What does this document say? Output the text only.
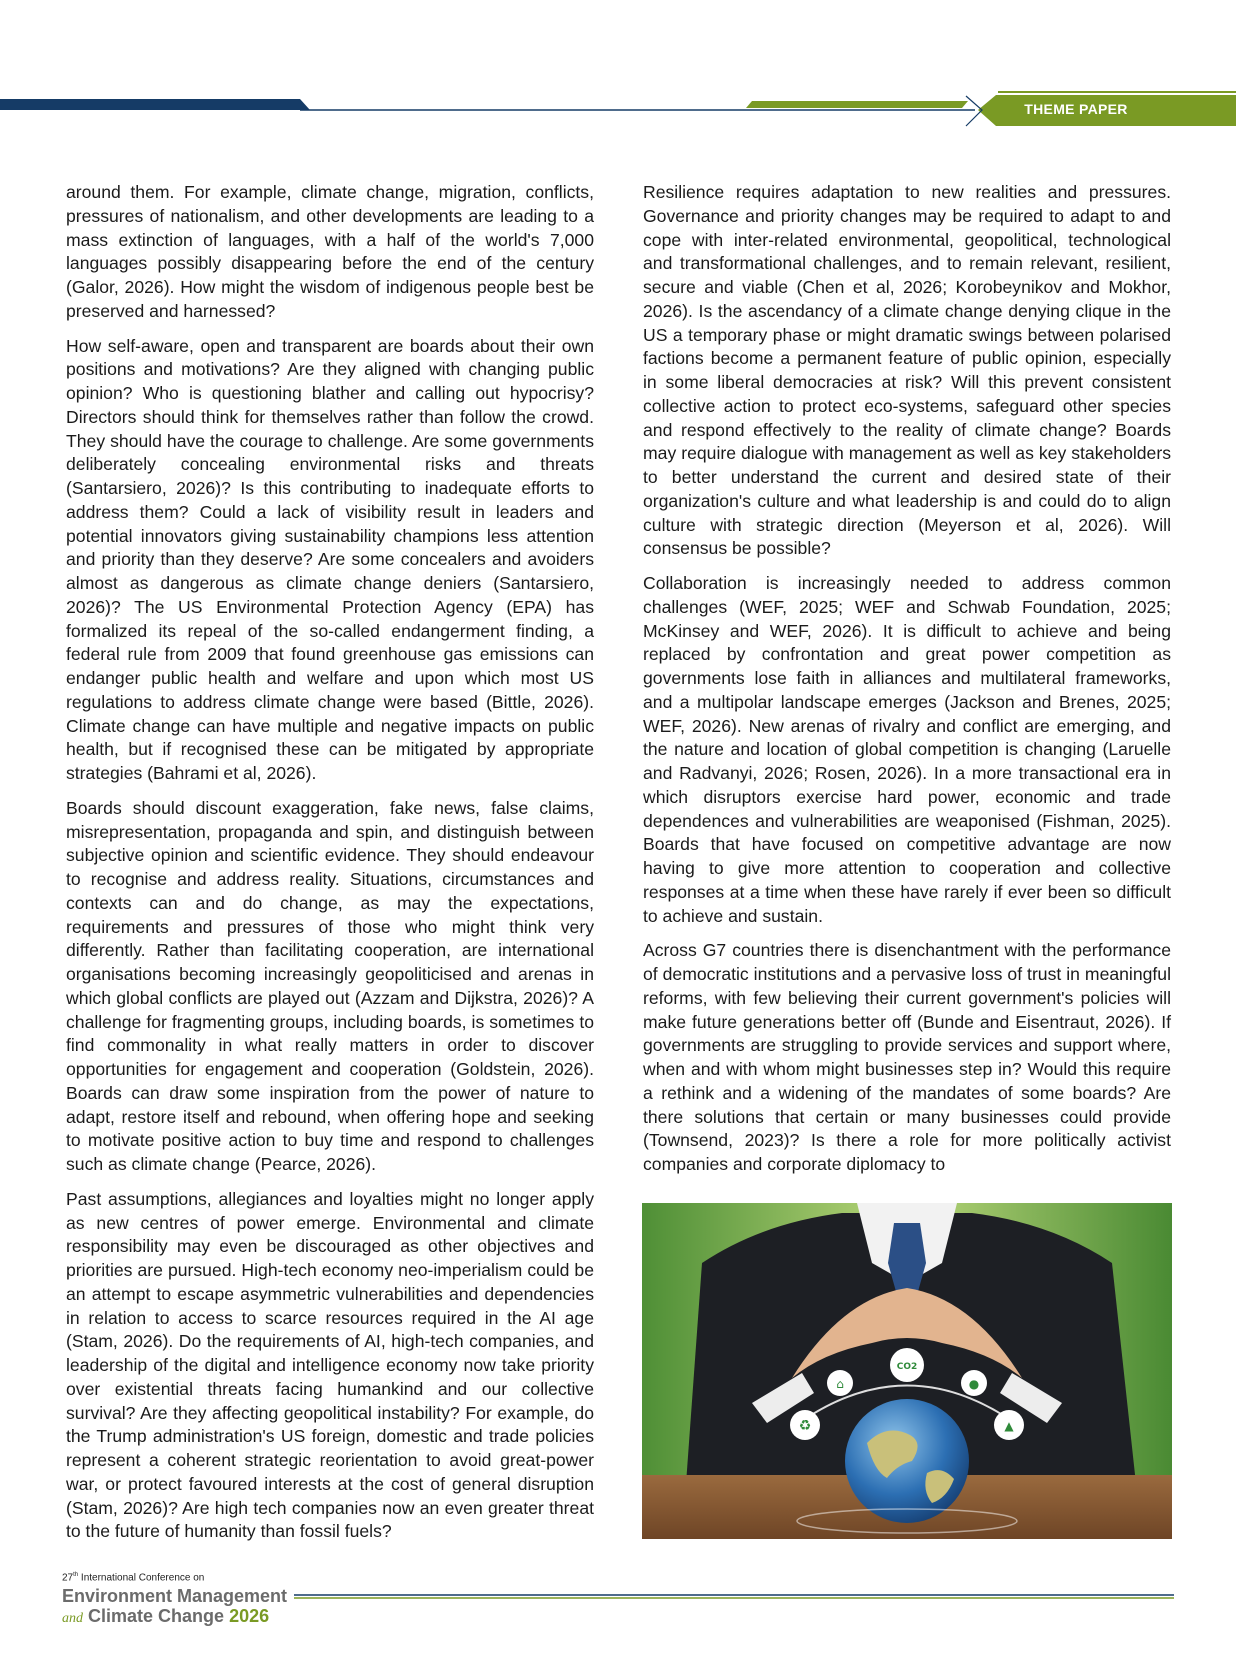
THEME PAPER

around them. For example, climate change, migration, conflicts, pressures of nationalism, and other developments are leading to a mass extinction of languages, with a half of the world's 7,000 languages possibly disappearing before the end of the century (Galor, 2026). How might the wisdom of indigenous people best be preserved and harnessed?

How self-aware, open and transparent are boards about their own positions and motivations? Are they aligned with changing public opinion? Who is questioning blather and calling out hypocrisy? Directors should think for themselves rather than follow the crowd. They should have the courage to challenge. Are some governments deliberately concealing environmental risks and threats (Santarsiero, 2026)? Is this contributing to inadequate efforts to address them? Could a lack of visibility result in leaders and potential innovators giving sustainability champions less attention and priority than they deserve? Are some concealers and avoiders almost as dangerous as climate change deniers (Santarsiero, 2026)? The US Environmental Protection Agency (EPA) has formalized its repeal of the so-called endangerment finding, a federal rule from 2009 that found greenhouse gas emissions can endanger public health and welfare and upon which most US regulations to address climate change were based (Bittle, 2026). Climate change can have multiple and negative impacts on public health, but if recognised these can be mitigated by appropriate strategies (Bahrami et al, 2026).

Boards should discount exaggeration, fake news, false claims, misrepresentation, propaganda and spin, and distinguish between subjective opinion and scientific evidence. They should endeavour to recognise and address reality. Situations, circumstances and contexts can and do change, as may the expectations, requirements and pressures of those who might think very differently. Rather than facilitating cooperation, are international organisations becoming increasingly geopoliticised and arenas in which global conflicts are played out (Azzam and Dijkstra, 2026)? A challenge for fragmenting groups, including boards, is sometimes to find commonality in what really matters in order to discover opportunities for engagement and cooperation (Goldstein, 2026). Boards can draw some inspiration from the power of nature to adapt, restore itself and rebound, when offering hope and seeking to motivate positive action to buy time and respond to challenges such as climate change (Pearce, 2026).

Past assumptions, allegiances and loyalties might no longer apply as new centres of power emerge. Environmental and climate responsibility may even be discouraged as other objectives and priorities are pursued. High-tech economy neo-imperialism could be an attempt to escape asymmetric vulnerabilities and dependencies in relation to access to scarce resources required in the AI age (Stam, 2026). Do the requirements of AI, high-tech companies, and leadership of the digital and intelligence economy now take priority over existential threats facing humankind and our collective survival? Are they affecting geopolitical instability? For example, do the Trump administration's US foreign, domestic and trade policies represent a coherent strategic reorientation to avoid great-power war, or protect favoured interests at the cost of general disruption (Stam, 2026)? Are high tech companies now an even greater threat to the future of humanity than fossil fuels?

Resilience requires adaptation to new realities and pressures. Governance and priority changes may be required to adapt to and cope with inter-related environmental, geopolitical, technological and transformational challenges, and to remain relevant, resilient, secure and viable (Chen et al, 2026; Korobeynikov and Mokhor, 2026). Is the ascendancy of a climate change denying clique in the US a temporary phase or might dramatic swings between polarised factions become a permanent feature of public opinion, especially in some liberal democracies at risk? Will this prevent consistent collective action to protect eco-systems, safeguard other species and respond effectively to the reality of climate change? Boards may require dialogue with management as well as key stakeholders to better understand the current and desired state of their organization's culture and what leadership is and could do to align culture with strategic direction (Meyerson et al, 2026). Will consensus be possible?

Collaboration is increasingly needed to address common challenges (WEF, 2025; WEF and Schwab Foundation, 2025; McKinsey and WEF, 2026). It is difficult to achieve and being replaced by confrontation and great power competition as governments lose faith in alliances and multilateral frameworks, and a multipolar landscape emerges (Jackson and Brenes, 2025; WEF, 2026). New arenas of rivalry and conflict are emerging, and the nature and location of global competition is changing (Laruelle and Radvanyi, 2026; Rosen, 2026). In a more transactional era in which disruptors exercise hard power, economic and trade dependences and vulnerabilities are weaponised (Fishman, 2025). Boards that have focused on competitive advantage are now having to give more attention to cooperation and collective responses at a time when these have rarely if ever been so difficult to achieve and sustain.

Across G7 countries there is disenchantment with the performance of democratic institutions and a pervasive loss of trust in meaningful reforms, with few believing their current government's policies will make future generations better off (Bunde and Eisentraut, 2026). If governments are struggling to provide services and support where, when and with whom might businesses step in? Would this require a rethink and a widening of the mandates of some boards? Are there solutions that certain or many businesses could provide (Townsend, 2023)? Is there a role for more politically activist companies and corporate diplomacy to

♻
⌂
CO2
●
▲
27th International Conference on
Environment Management
and Climate Change 2026
